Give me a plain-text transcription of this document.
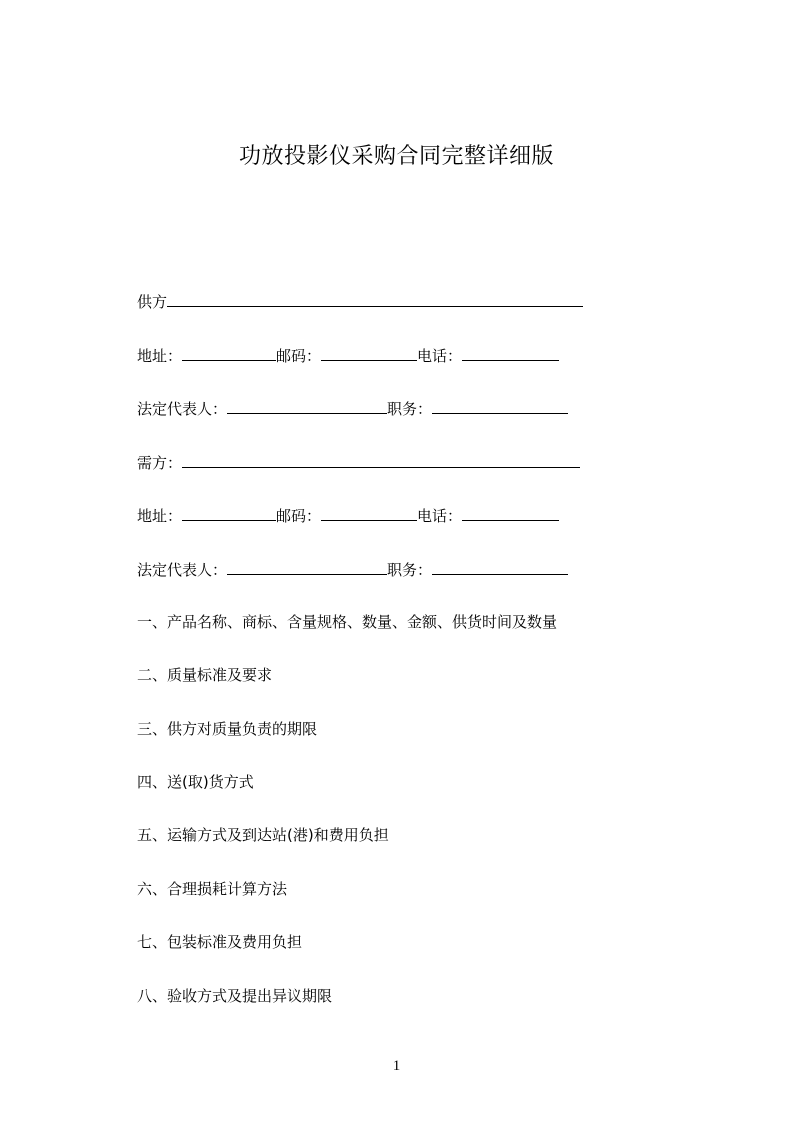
功放投影仪采购合同完整详细版
供方
地址：	邮码：	电话：
法定代表人：	职务：
需方：
地址：	邮码：	电话：
法定代表人：	职务：
一、产品名称、商标、含量规格、数量、金额、供货时间及数量
二、质量标准及要求
三、供方对质量负责的期限
四、送(取)货方式
五、运输方式及到达站(港)和费用负担
六、合理损耗计算方法
七、包装标准及费用负担
八、验收方式及提出异议期限
1
